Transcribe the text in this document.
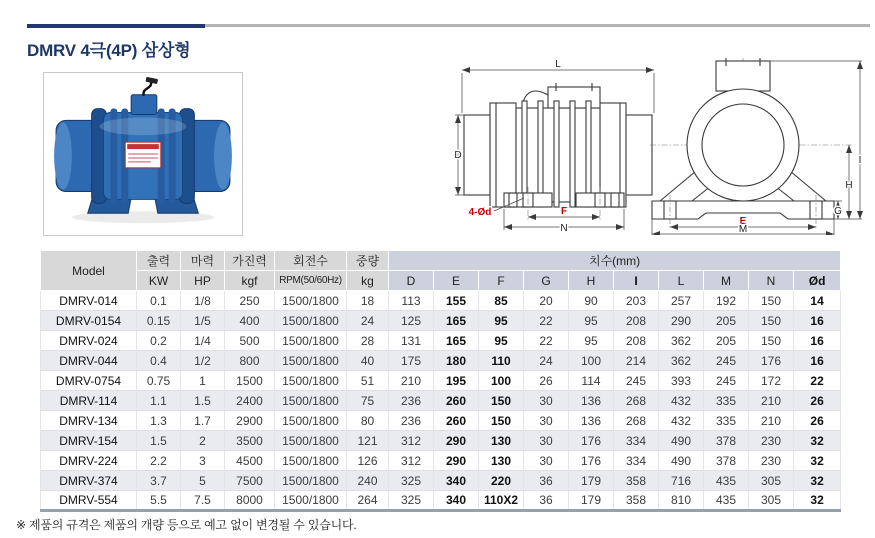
DMRV 4극(4P) 삼상형
L
D
4-Ød	F
N
G
H
I
E
M
Model	출력	마력	가진력	회전수	중량	치수(mm)									
	KW	HP	kgf	RPM(50/60Hz)	kg	D	E	F	G	H	I	L	M	N	Ød
DMRV-014	0.1	1/8	250	1500/1800	18	113	155	85	20	90	203	257	192	150	14
DMRV-0154	0.15	1/5	400	1500/1800	24	125	165	95	22	95	208	290	205	150	16
DMRV-024	0.2	1/4	500	1500/1800	28	131	165	95	22	95	208	362	205	150	16
DMRV-044	0.4	1/2	800	1500/1800	40	175	180	110	24	100	214	362	245	176	16
DMRV-0754	0.75	1	1500	1500/1800	51	210	195	100	26	114	245	393	245	172	22
DMRV-114	1.1	1.5	2400	1500/1800	75	236	260	150	30	136	268	432	335	210	26
DMRV-134	1.3	1.7	2900	1500/1800	80	236	260	150	30	136	268	432	335	210	26
DMRV-154	1.5	2	3500	1500/1800	121	312	290	130	30	176	334	490	378	230	32
DMRV-224	2.2	3	4500	1500/1800	126	312	290	130	30	176	334	490	378	230	32
DMRV-374	3.7	5	7500	1500/1800	240	325	340	220	36	179	358	716	435	305	32
DMRV-554	5.5	7.5	8000	1500/1800	264	325	340	110X2	36	179	358	810	435	305	32

※ 제품의 규격은 제품의 개량 등으로 예고 없이 변경될 수 있습니다.
